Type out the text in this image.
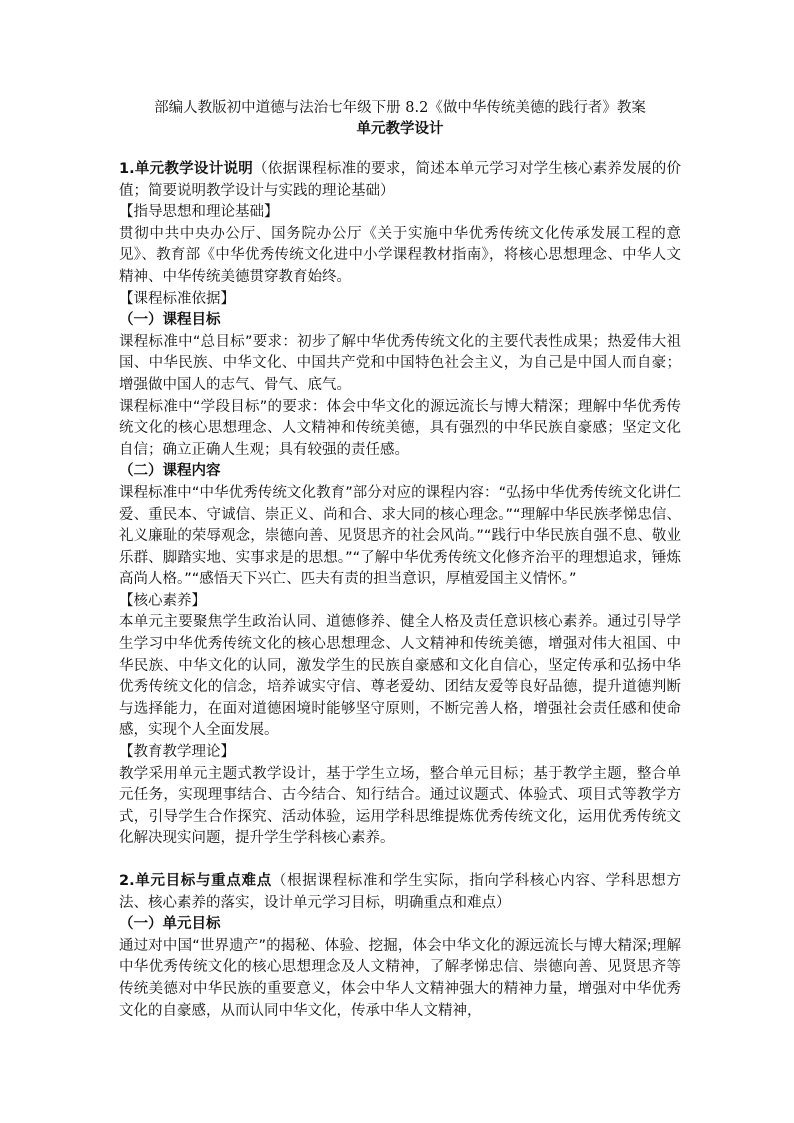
部编人教版初中道德与法治七年级下册 8.2《做中华传统美德的践行者》教案
单元教学设计

1.单元教学设计说明（依据课程标准的要求，简述本单元学习对学生核心素养发展的价值；简要说明教学设计与实践的理论基础）

【指导思想和理论基础】

贯彻中共中央办公厅、国务院办公厅《关于实施中华优秀传统文化传承发展工程的意见》、教育部《中华优秀传统文化进中小学课程教材指南》，将核心思想理念、中华人文精神、中华传统美德贯穿教育始终。

【课程标准依据】
（一）课程目标

课程标准中“总目标”要求：初步了解中华优秀传统文化的主要代表性成果；热爱伟大祖国、中华民族、中华文化、中国共产党和中国特色社会主义，为自己是中国人而自豪；增强做中国人的志气、骨气、底气。

课程标准中“学段目标”的要求：体会中华文化的源远流长与博大精深；理解中华优秀传统文化的核心思想理念、人文精神和传统美德，具有强烈的中华民族自豪感；坚定文化自信；确立正确人生观；具有较强的责任感。

（二）课程内容

课程标准中“中华优秀传统文化教育”部分对应的课程内容：“弘扬中华优秀传统文化讲仁爱、重民本、守诚信、崇正义、尚和合、求大同的核心理念。”“理解中华民族孝悌忠信、礼义廉耻的荣辱观念，崇德向善、见贤思齐的社会风尚。”“践行中华民族自强不息、敬业乐群、脚踏实地、实事求是的思想。”“了解中华优秀传统文化修齐治平的理想追求，锤炼高尚人格。”“感悟天下兴亡、匹夫有责的担当意识，厚植爱国主义情怀。”

【核心素养】

本单元主要聚焦学生政治认同、道德修养、健全人格及责任意识核心素养。通过引导学生学习中华优秀传统文化的核心思想理念、人文精神和传统美德，增强对伟大祖国、中华民族、中华文化的认同，激发学生的民族自豪感和文化自信心，坚定传承和弘扬中华优秀传统文化的信念，培养诚实守信、尊老爱幼、团结友爱等良好品德，提升道德判断与选择能力，在面对道德困境时能够坚守原则，不断完善人格，增强社会责任感和使命感，实现个人全面发展。

【教育教学理论】

教学采用单元主题式教学设计，基于学生立场，整合单元目标；基于教学主题，整合单元任务，实现理事结合、古今结合、知行结合。通过议题式、体验式、项目式等教学方式，引导学生合作探究、活动体验，运用学科思维提炼优秀传统文化，运用优秀传统文化解决现实问题，提升学生学科核心素养。

2.单元目标与重点难点（根据课程标准和学生实际，指向学科核心内容、学科思想方法、核心素养的落实，设计单元学习目标，明确重点和难点）

（一）单元目标

通过对中国“世界遗产”的揭秘、体验、挖掘，体会中华文化的源远流长与博大精深;理解中华优秀传统文化的核心思想理念及人文精神，了解孝悌忠信、崇德向善、见贤思齐等传统美德对中华民族的重要意义，体会中华人文精神强大的精神力量，增强对中华优秀文化的自豪感，从而认同中华文化，传承中华人文精神，
